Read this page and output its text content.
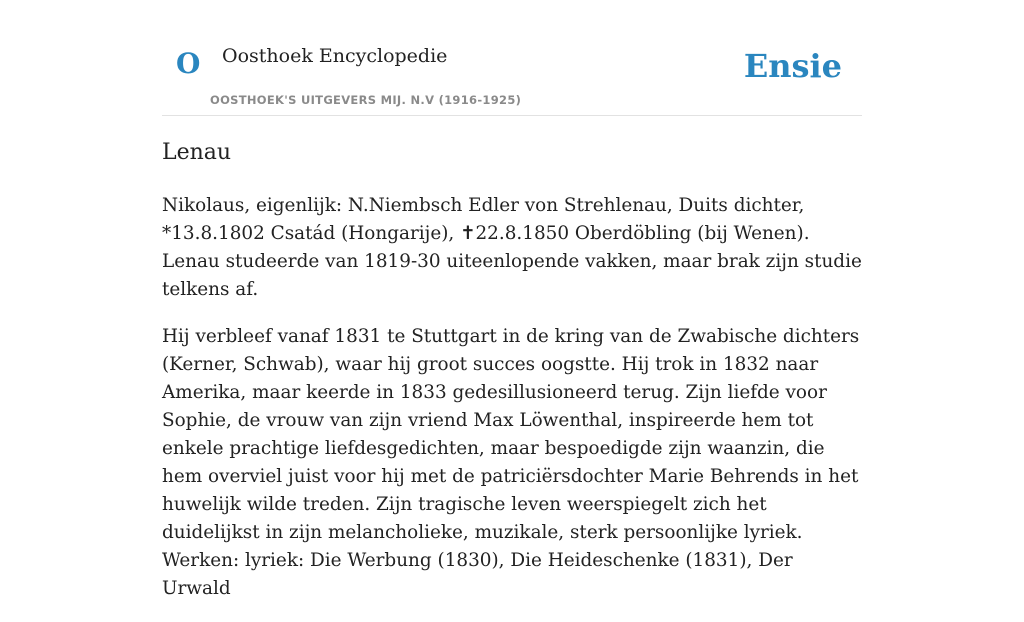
O Oosthoek Encyclopedie
OOSTHOEK'S UITGEVERS MIJ. N.V (1916-1925)
Ensie
Lenau

Nikolaus, eigenlijk: N.Niembsch Edler von Strehlenau, Duits dichter, *13.8.1802 Csatád (Hongarije), ✝22.8.1850 Oberdöbling (bij Wenen). Lenau studeerde van 1819-30 uiteenlopende vakken, maar brak zijn studie telkens af.

Hij verbleef vanaf 1831 te Stuttgart in de kring van de Zwabische dichters (Kerner, Schwab), waar hij groot succes oogstte. Hij trok in 1832 naar Amerika, maar keerde in 1833 gedesillusioneerd terug. Zijn liefde voor Sophie, de vrouw van zijn vriend Max Löwenthal, inspireerde hem tot enkele prachtige liefdesgedichten, maar bespoedigde zijn waanzin, die hem overviel juist voor hij met de patriciërsdochter Marie Behrends in het huwelijk wilde treden. Zijn tragische leven weerspiegelt zich het duidelijkst in zijn melancholieke, muzikale, sterk persoonlijke lyriek. Werken: lyriek: Die Werbung (1830), Die Heideschenke (1831), Der Urwald
